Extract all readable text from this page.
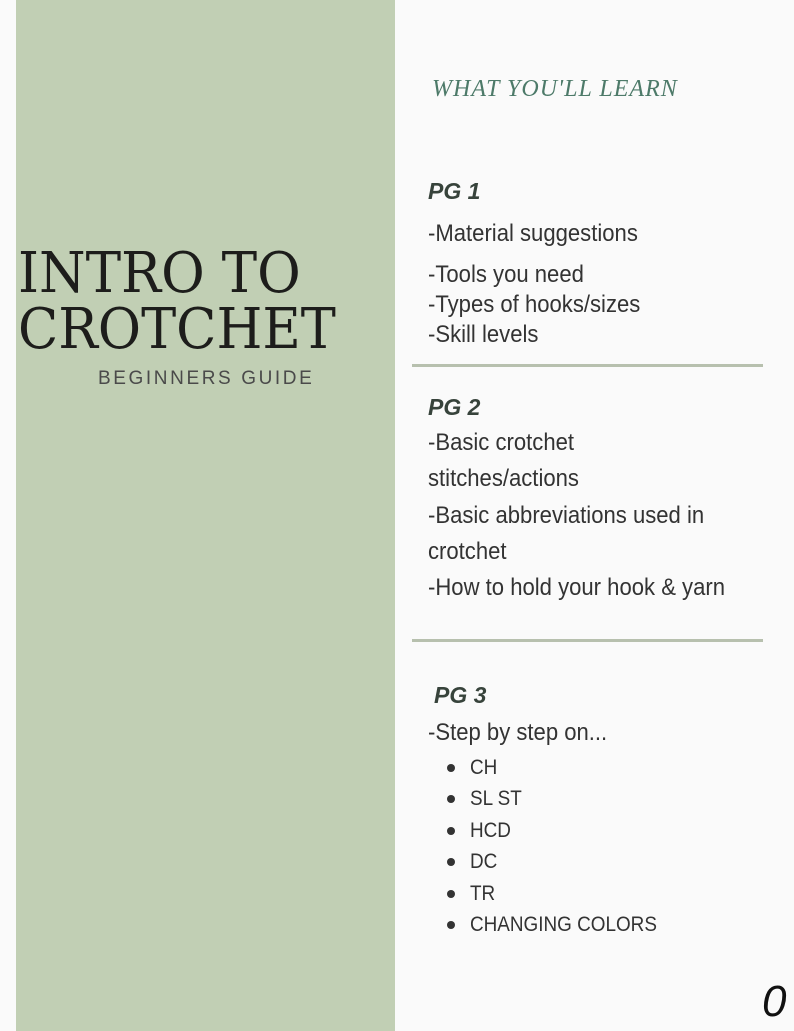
INTRO TO
CROTCHET
BEGINNERS GUIDE
WHAT YOU'LL LEARN
PG 1
-Material suggestions
-Tools you need
-Types of hooks/sizes
-Skill levels
PG 2
-Basic crotchet
stitches/actions
-Basic abbreviations used in
crotchet
-How to hold your hook & yarn
PG 3
-Step by step on...
CH
SL ST
HCD
DC
TR
CHANGING COLORS
0
